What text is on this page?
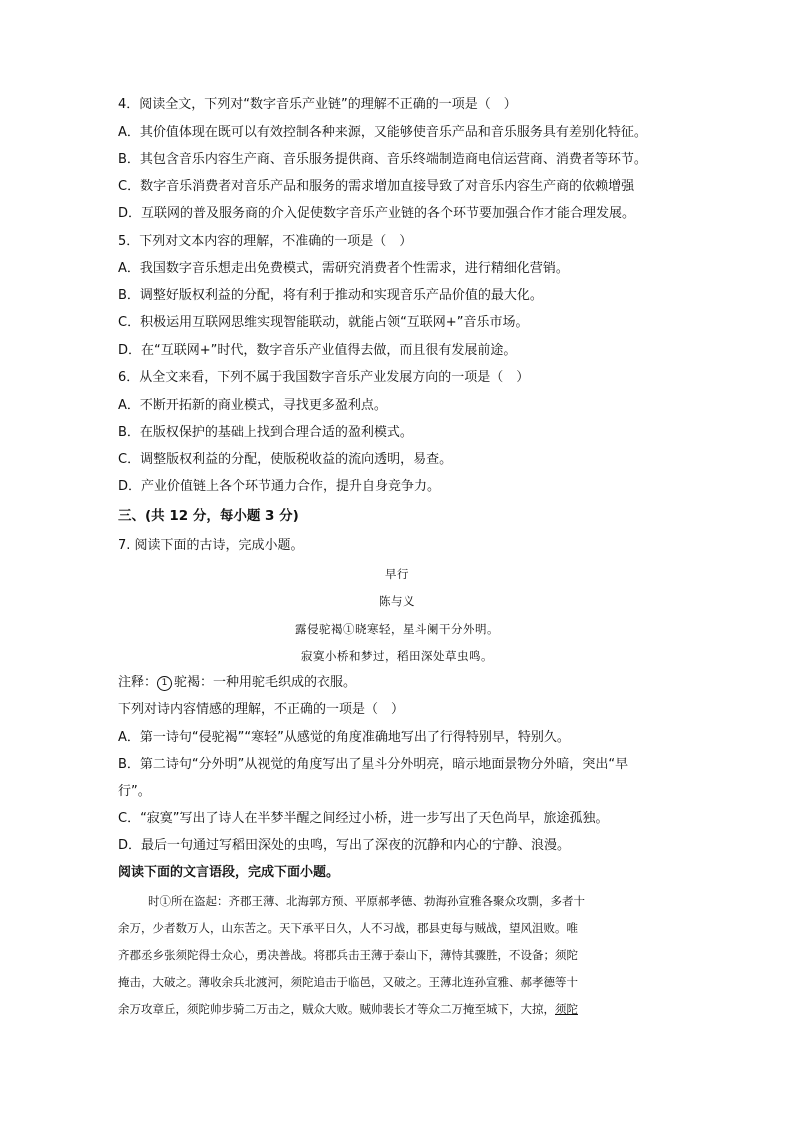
4．阅读全文，下列对“数字音乐产业链”的理解不正确的一项是（　）
A．其价值体现在既可以有效控制各种来源，又能够使音乐产品和音乐服务具有差别化特征。
B．其包含音乐内容生产商、音乐服务提供商、音乐终端制造商电信运营商、消费者等环节。
C．数字音乐消费者对音乐产品和服务的需求增加直接导致了对音乐内容生产商的依赖增强
D．互联网的普及服务商的介入促使数字音乐产业链的各个环节要加强合作才能合理发展。
5．下列对文本内容的理解，不准确的一项是（　）
A．我国数字音乐想走出免费模式，需研究消费者个性需求，进行精细化营销。
B．调整好版权利益的分配，将有利于推动和实现音乐产品价值的最大化。
C．积极运用互联网思维实现智能联动，就能占领“互联网+”音乐市场。
D．在“互联网+”时代，数字音乐产业值得去做，而且很有发展前途。
6．从全文来看，下列不属于我国数字音乐产业发展方向的一项是（　）
A．不断开拓新的商业模式，寻找更多盈利点。
B．在版权保护的基础上找到合理合适的盈利模式。
C．调整版权利益的分配，使版税收益的流向透明，易查。
D．产业价值链上各个环节通力合作，提升自身竞争力。
三、(共 12 分，每小题 3 分)
7. 阅读下面的古诗，完成小题。
早行
陈与义
露侵驼褐①晓寒轻，星斗阑干分外明。
寂寞小桥和梦过，稻田深处草虫鸣。
注释： 1 驼褐：一种用驼毛织成的衣服。
下列对诗内容情感的理解，不正确的一项是（　）
A．第一诗句“侵驼褐”“寒轻”从感觉的角度准确地写出了行得特别早，特别久。
B．第二诗句“分外明”从视觉的角度写出了星斗分外明亮，暗示地面景物分外暗，突出“早
行”。
C．“寂寞”写出了诗人在半梦半醒之间经过小桥，进一步写出了天色尚早，旅途孤独。
D．最后一句通过写稻田深处的虫鸣，写出了深夜的沉静和内心的宁静、浪漫。
阅读下面的文言语段，完成下面小题。
时①所在盗起：齐郡王薄、北海郭方预、平原郝孝德、勃海孙宣雅各聚众攻剽，多者十
余万，少者数万人，山东苦之。天下承平日久，人不习战，郡县吏每与贼战，望风沮败。唯
齐郡丞乡张须陀得士众心，勇决善战。将郡兵击王薄于泰山下，薄恃其骤胜，不设备；须陀
掩击，大破之。薄收余兵北渡河，须陀追击于临邑，又破之。王薄北连孙宣雅、郝孝德等十
余万攻章丘，须陀帅步骑二万击之，贼众大败。贼帅裴长才等众二万掩至城下，大掠，须陀
